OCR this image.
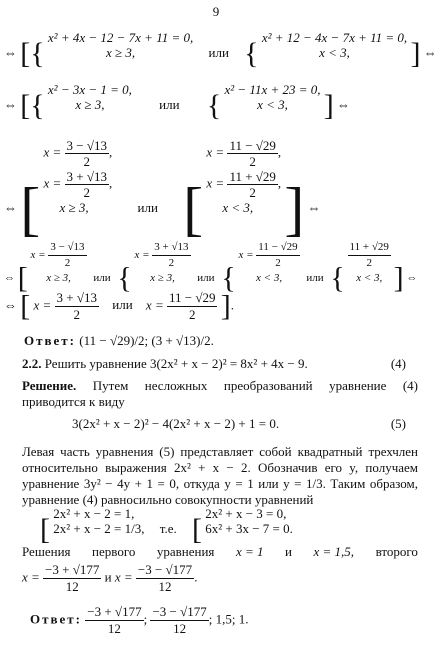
9
⇔ [{ x² + 4x − 12 − 7x + 11 = 0,
x ≥ 3,	или { x² + 12 − 4x − 7x + 11 = 0,
x < 3, ] ⇔
⇔ [{ x² − 3x − 1 = 0,
x ≥ 3,	или { x² − 11x + 23 = 0,
x < 3, ] ⇔
⇔ [ $x = \frac{3 - √13}{2}$ ,
$x = \frac{3 + √13}{2}$ ,
x ≥ 3,	или [ $x = \frac{11 - √29}{2}$ ,
$x = \frac{11 + √29}{2}$ ,
x < 3, ] ⇔
⇔ [ $x = \frac{3 - √13}{2}$

x ≥ 3, или { $x = \frac{3 + √13}{2}$

x ≥ 3, или { $x = \frac{11 - √29}{2}$

x < 3, или {
$\frac{11 + √29}{2}$

x < 3, ] ⇔
⇔ [ $x = \frac{3 + √13}{2}$ или $x = \frac{11 - √29}{2}$ ].
Ответ: (11 − √29)/2; (3 + √13)/2.
2.2. Решить уравнение 3(2x² + x − 2)² = 8x² + 4x − 9.	(4)
Решение. Путем несложных преобразований уравнение (4) приводится к виду
3(2x² + x − 2)² − 4(2x² + x − 2) + 1 = 0.	(5)
Левая часть уравнения (5) представляет собой квадратный трехчлен относительно выражения 2x² + x − 2. Обозначив его y, получаем уравнение 3y² − 4y + 1 = 0, откуда y = 1 или y = 1/3. Таким образом, уравнение (4) равносильно совокупности уравнений
[ 2x² + x − 2 = 1,
2x² + x − 2 = 1/3, т.е. [ 2x² + x − 3 = 0,
6x² + 3x − 7 = 0.
Решения первого уравнения x = 1 и x = 1,5, второго
$x = \frac{-3 + √177}{12}$ и $x = \frac{-3 - √177}{12}$ .
Ответ: $\frac{-3 + √177}{12}$ ; $\frac{-3 - √177}{12}$ ; 1,5; 1.
